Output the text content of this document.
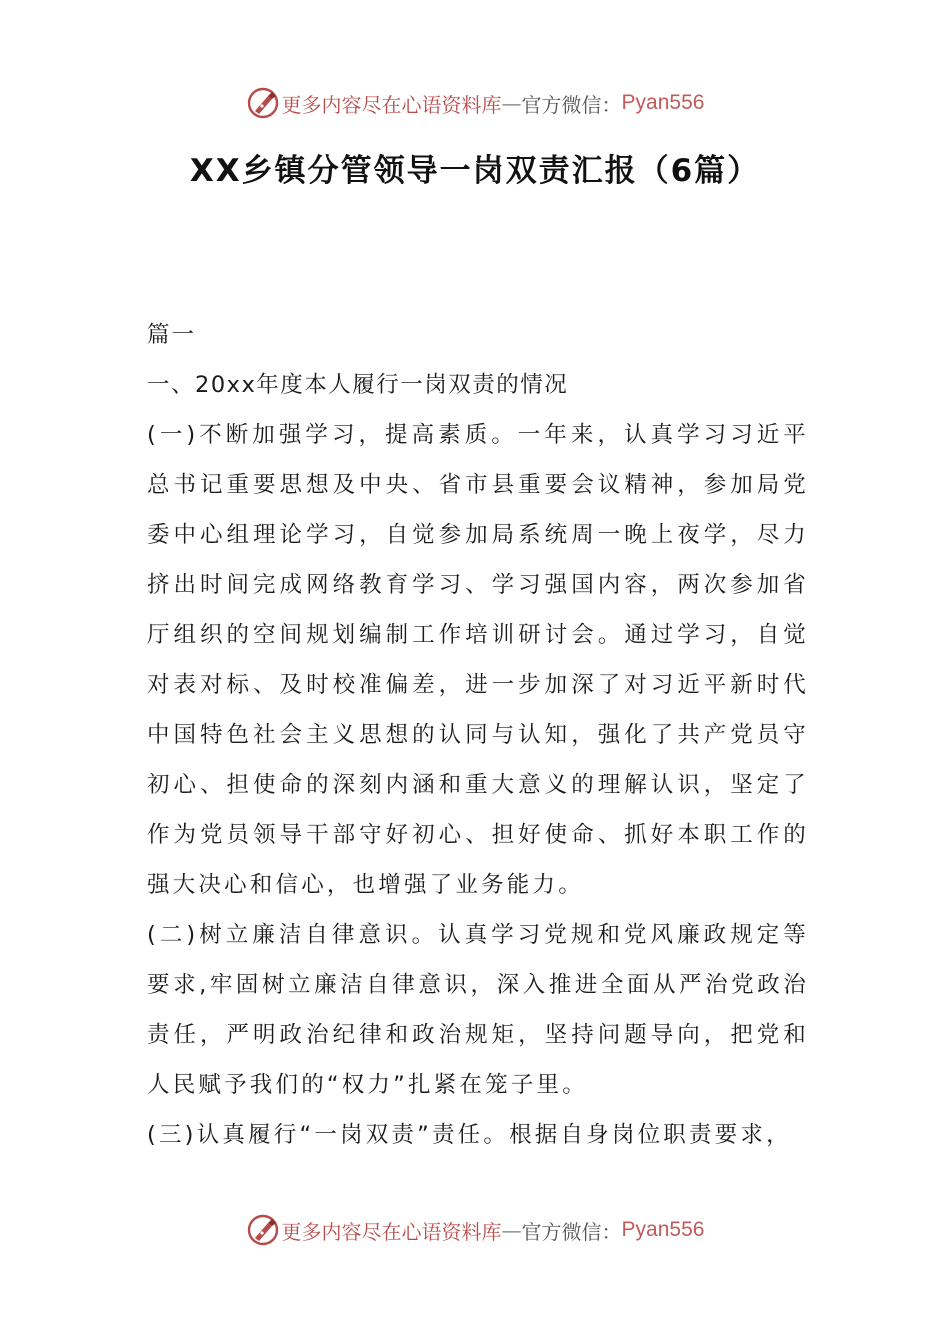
更多内容尽在心语资料库 — 官方微信： Pyan556
XX乡镇分管领导一岗双责汇报（6篇）

篇一

一、20xx年度本人履行一岗双责的情况

(一)不断加强学习，提高素质。一年来，认真学习习近平总书记重要思想及中央、省市县重要会议精神，参加局党委中心组理论学习，自觉参加局系统周一晚上夜学，尽力挤出时间完成网络教育学习、学习强国内容，两次参加省厅组织的空间规划编制工作培训研讨会。通过学习，自觉对表对标、及时校准偏差，进一步加深了对习近平新时代中国特色社会主义思想的认同与认知，强化了共产党员守初心、担使命的深刻内涵和重大意义的理解认识，坚定了作为党员领导干部守好初心、担好使命、抓好本职工作的强大决心和信心，也增强了业务能力。

(二)树立廉洁自律意识。认真学习党规和党风廉政规定等要求,牢固树立廉洁自律意识，深入推进全面从严治党政治责任，严明政治纪律和政治规矩，坚持问题导向，把党和人民赋予我们的“权力”扎紧在笼子里。

(三)认真履行“一岗双责”责任。根据自身岗位职责要求，

更多内容尽在心语资料库 — 官方微信： Pyan556
